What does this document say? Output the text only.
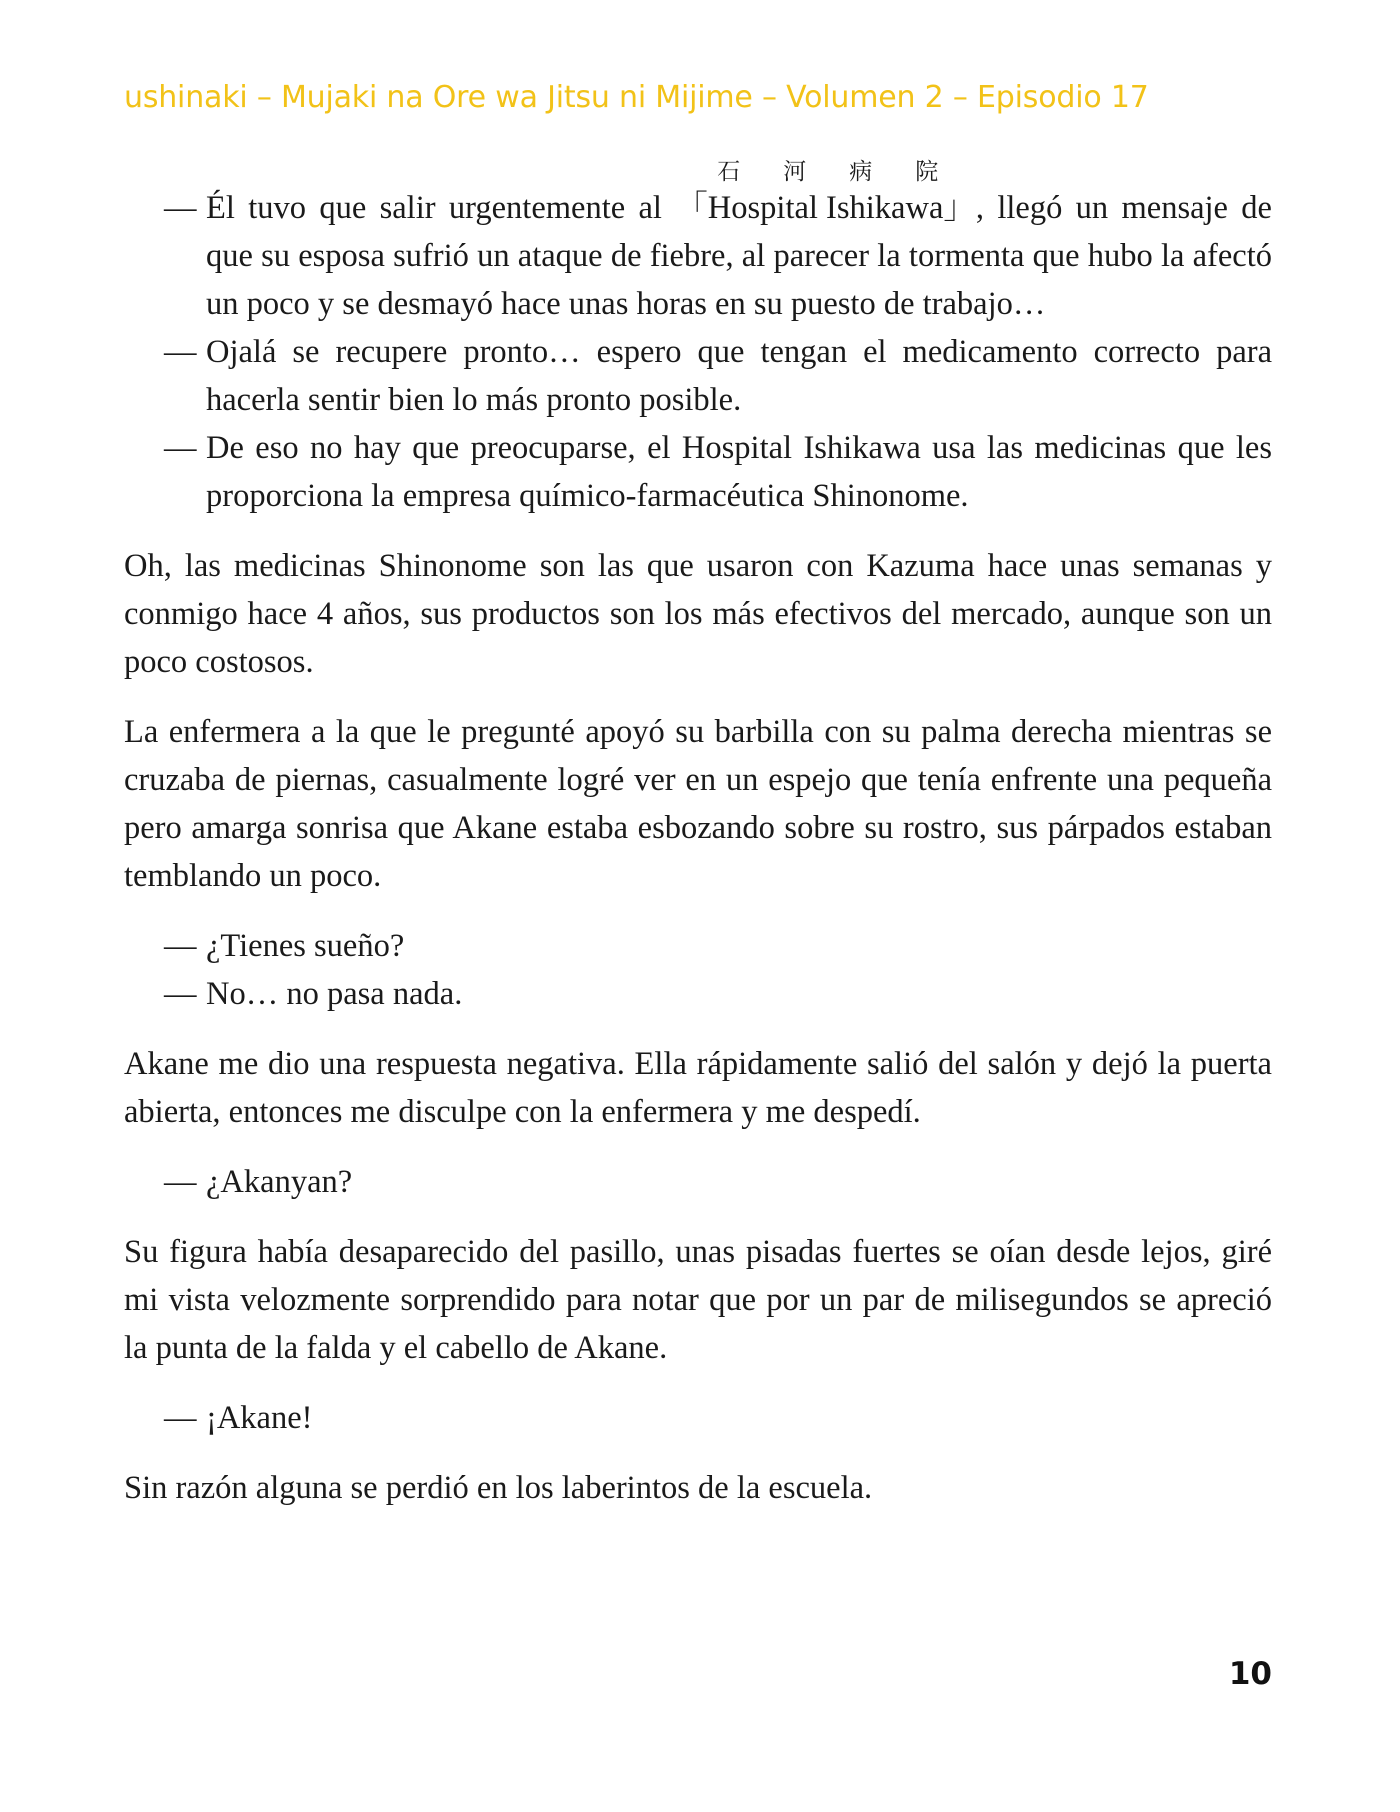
ushinaki – Mujaki na Ore wa Jitsu ni Mijime – Volumen 2 – Episodio 17

— Él tuvo que salir urgentemente al
石 河 病 院
「Hospital Ishikawa」, llegó un mensaje de que su esposa sufrió un ataque de fiebre, al parecer la tormenta que hubo la afectó un poco y se desmayó hace unas horas en su puesto de trabajo…

— Ojalá se recupere pronto… espero que tengan el medicamento correcto para hacerla sentir bien lo más pronto posible.

— De eso no hay que preocuparse, el Hospital Ishikawa usa las medicinas que les proporciona la empresa químico-farmacéutica Shinonome.

Oh, las medicinas Shinonome son las que usaron con Kazuma hace unas semanas y conmigo hace 4 años, sus productos son los más efectivos del mercado, aunque son un poco costosos.

La enfermera a la que le pregunté apoyó su barbilla con su palma derecha mientras se cruzaba de piernas, casualmente logré ver en un espejo que tenía enfrente una pequeña pero amarga sonrisa que Akane estaba esbozando sobre su rostro, sus párpados estaban temblando un poco.

— ¿Tienes sueño?

— No… no pasa nada.

Akane me dio una respuesta negativa. Ella rápidamente salió del salón y dejó la puerta abierta, entonces me disculpe con la enfermera y me despedí.

— ¿Akanyan?

Su figura había desaparecido del pasillo, unas pisadas fuertes se oían desde lejos, giré mi vista velozmente sorprendido para notar que por un par de milisegundos se apreció la punta de la falda y el cabello de Akane.

— ¡Akane!

Sin razón alguna se perdió en los laberintos de la escuela.

10
